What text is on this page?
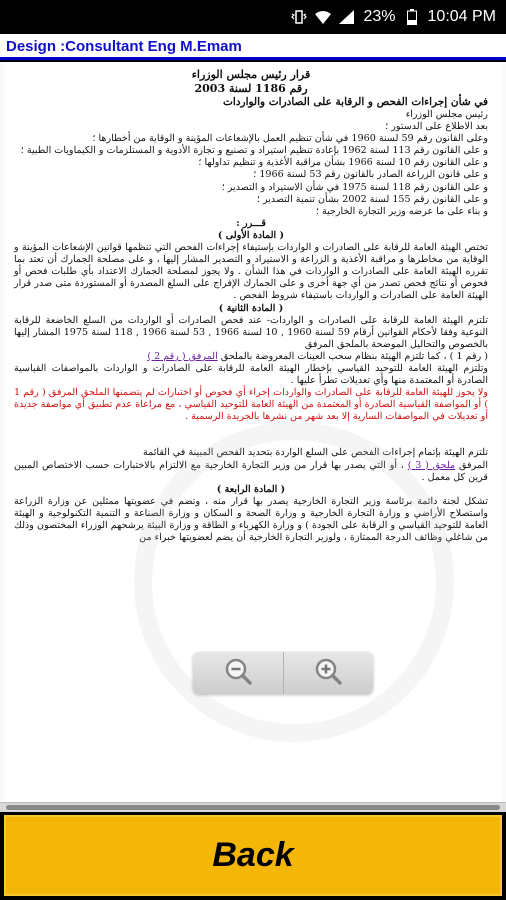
23% 10:04 PM
Design :Consultant Eng M.Emam

قرار رئيس مجلس الوزراء

رقم 1186 لسنة 2003

في شأن إجراءات الفحص و الرقابة على الصادرات والواردات

رئيس مجلس الوزراء

بعد الاطلاع على الدستور ؛

وعلى القانون رقم 59 لسنة 1960 في شأن تنظيم العمل بالإشعاعات المؤينة و الوقاية من أخطارها ؛

و على القانون رقم 113 لسنة 1962 بإعادة تنظيم استيراد و تصنيع و تجارة الأدوية و المستلزمات و الكيماويات الطبية ؛

و على القانون رقم 10 لسنة 1966 بشأن مراقبة الأغذية و تنظيم تداولها ؛

و على قانون الزراعة الصادر بالقانون رقم 53 لسنة 1966 ؛

و على القانون رقم 118 لسنة 1975 في شأن الاستيراد و التصدير ؛

و على القانون رقم 155 لسنة 2002 بشأن تنمية التصدير ؛

و بناء على ما عرضه وزير التجارة الخارجية ؛

قـــرر :

( المادة الأولى )

تختص الهيئة العامة للرقابة على الصادرات و الواردات بإستيفاء إجراءات الفحص التي تنظمها قوانين الإشعاعات المؤينة و الوقاية من مخاطرها و مراقبة الأغذية و الزراعة و الاستيراد و التصدير المشار إليها ، و على مصلحة الجمارك أن تعتد بما تقرره الهيئة العامة على الصادرات و الواردات في هذا الشأن . ولا يجوز لمصلحة الجمارك الاعتداد بأي طلبات فحص أو فحوص أو نتائج فحص تصدر من أي جهة أخرى و على الجمارك الإفراج على السلع المصدرة أو المستوردة متى صدر قرار الهيئة العامة على الصادرات و الواردات باستيفاء شروط الفحص .

( المادة الثانية )

تلتزم الهيئة العامة للرقابة على الصادرات و الواردات- عند فحص الصادرات أو الواردات من السلع الخاضعة للرقابة النوعية وفقا لأحكام القوانين أرقام 59 لسنة 1960 , 10 لسنة 1966 , 53 لسنة 1966 , 118 لسنة 1975 المشار إليها بالخصوص والتحاليل الموضحة بالملحق المرفق

( رقم 1 ) ، كما تلتزم الهيئة بنظام سحب العينات المعروضة بالملحق المرفق ( رقم 2 )

وتلتزم الهيئة العامة للتوحيد القياسي بإخطار الهيئة العامة للرقابة على الصادرات و الواردات بالمواصفات القياسية الصادرة أو المعتمدة منها وأي تعديلات تطرأ عليها .

ولا يجوز للهيئة العامة للرقابة على الصادرات والواردات إجراء أي فحوص أو اختبارات لم يتضمنها الملحق المرفق ( رقم 1 ) أو المواصفة القياسية الصادرة أو المعتمدة من الهيئة العامة للتوحيد القياسي ، مع مراعاة عدم تطبيق أي مواصفة جديدة أو تعديلات في المواصفات السارية إلا بعد شهر من نشرها بالجريدة الرسمية .

تلتزم الهيئة بإتمام إجراءات الفحص على السلع الواردة بتحديد الفحص المبينة في القائمة

المرفق ملحق ( 3 ) ، أو التي يصدر بها قرار من وزير التجارة الخارجية مع الالتزام بالاختبارات حسب الاختصاص المبين قرين كل معمل .

( المادة الرابعة )

تشكل لجنة دائمة برئاسة وزير التجارة الخارجية يصدر بها قرار منه ، وتضم في عضويتها ممثلين عن وزارة الزراعة واستصلاح الأراضي و وزارة التجارة الخارجية و وزارة الصحة و السكان و وزارة الصناعة و التنمية التكنولوجية و الهيئة العامة للتوحيد القياسي و الرقابة على الجودة ) و وزارة الكهرباء و الطاقة و وزارة البيئة يرشحهم الوزراء المختصون وذلك من شاغلي وظائف الدرجة الممتازة ، ولوزير التجارة الخارجية أن يضم لعضويتها خبراء من

Back
